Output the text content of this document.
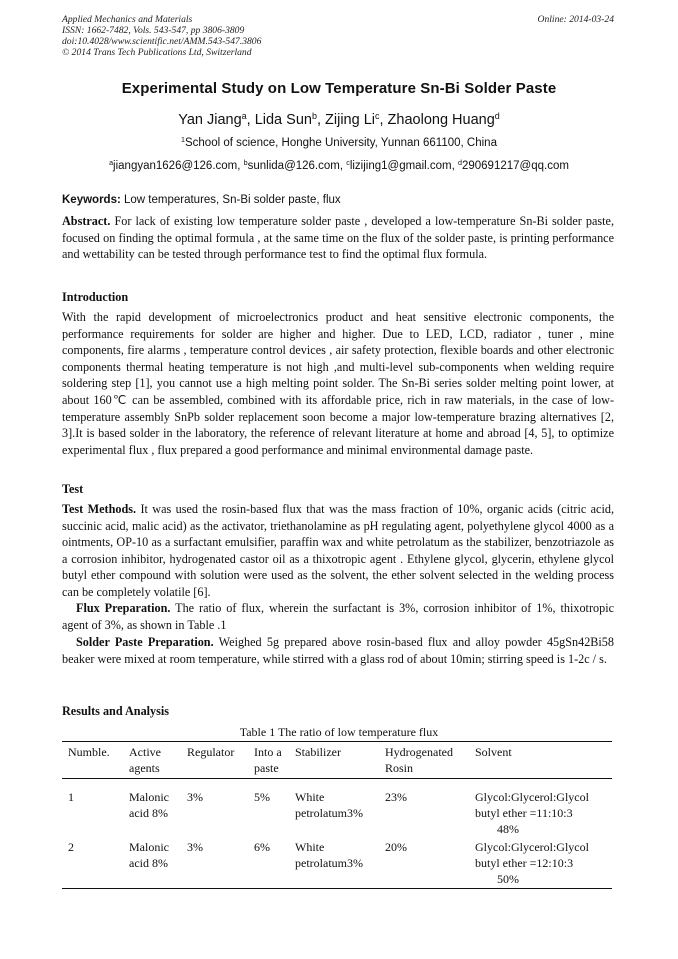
Applied Mechanics and Materials
ISSN: 1662-7482, Vols. 543-547, pp 3806-3809
doi:10.4028/www.scientific.net/AMM.543-547.3806
© 2014 Trans Tech Publications Ltd, Switzerland
Online: 2014-03-24
Experimental Study on Low Temperature Sn-Bi Solder Paste
Yan Jiang$^a$, Lida Sun$^b$, Zijing Li$^c$, Zhaolong Huang$^d$
$^1$School of science, Honghe University, Yunnan 661100, China
$^a$jiangyan1626@126.com, $^b$sunlida@126.com, $^c$lizijing1@gmail.com, $^d$290691217@qq.com
Keywords: Low temperatures, Sn-Bi solder paste, flux
Abstract. For lack of existing low temperature solder paste , developed a low-temperature Sn-Bi solder paste, focused on finding the optimal formula , at the same time on the flux of the solder paste, is printing performance and wettability can be tested through performance test to find the optimal flux formula.
Introduction
With the rapid development of microelectronics product and heat sensitive electronic components, the performance requirements for solder are higher and higher. Due to LED, LCD, radiator , tuner , mine components, fire alarms , temperature control devices , air safety protection, flexible boards and other electronic components thermal heating temperature is not high ,and multi-level sub-components when welding require soldering step [1], you cannot use a high melting point solder. The Sn-Bi series solder melting point lower, at about 160℃ can be assembled, combined with its affordable price, rich in raw materials, in the case of low-temperature assembly SnPb solder replacement soon become a major low-temperature brazing alternatives [2, 3].It is based solder in the laboratory, the reference of relevant literature at home and abroad [4, 5], to optimize experimental flux , flux prepared a good performance and minimal environmental damage paste.
Test
Test Methods. It was used the rosin-based flux that was the mass fraction of 10%, organic acids (citric acid, succinic acid, malic acid) as the activator, triethanolamine as pH regulating agent, polyethylene glycol 4000 as a ointments, OP-10 as a surfactant emulsifier, paraffin wax and white petrolatum as the stabilizer, benzotriazole as a corrosion inhibitor, hydrogenated castor oil as a thixotropic agent . Ethylene glycol, glycerin, ethylene glycol butyl ether compound with solution were used as the solvent, the ether solvent selected in the welding process can be completely volatile [6].
Flux Preparation. The ratio of flux, wherein the surfactant is 3%, corrosion inhibitor of 1%, thixotropic agent of 3%, as shown in Table .1
Solder Paste Preparation. Weighed 5g prepared above rosin-based flux and alloy powder 45gSn42Bi58 beaker were mixed at room temperature, while stirred with a glass rod of about 10min; stirring speed is 1-2c / s.
Results and Analysis
Table 1 The ratio of low temperature flux
Numble.	Active agents	Regulator	Into a paste	Stabilizer	Hydrogenated Rosin	Solvent
1	Malonic acid 8%	3%	5%	White petrolatum3%	23%	Glycol:Glycerol:Glycol butyl ether =11:10:348%
2	Malonic acid 8%	3%	6%	White petrolatum3%	20%	Glycol:Glycerol:Glycol butyl ether =12:10:350%
